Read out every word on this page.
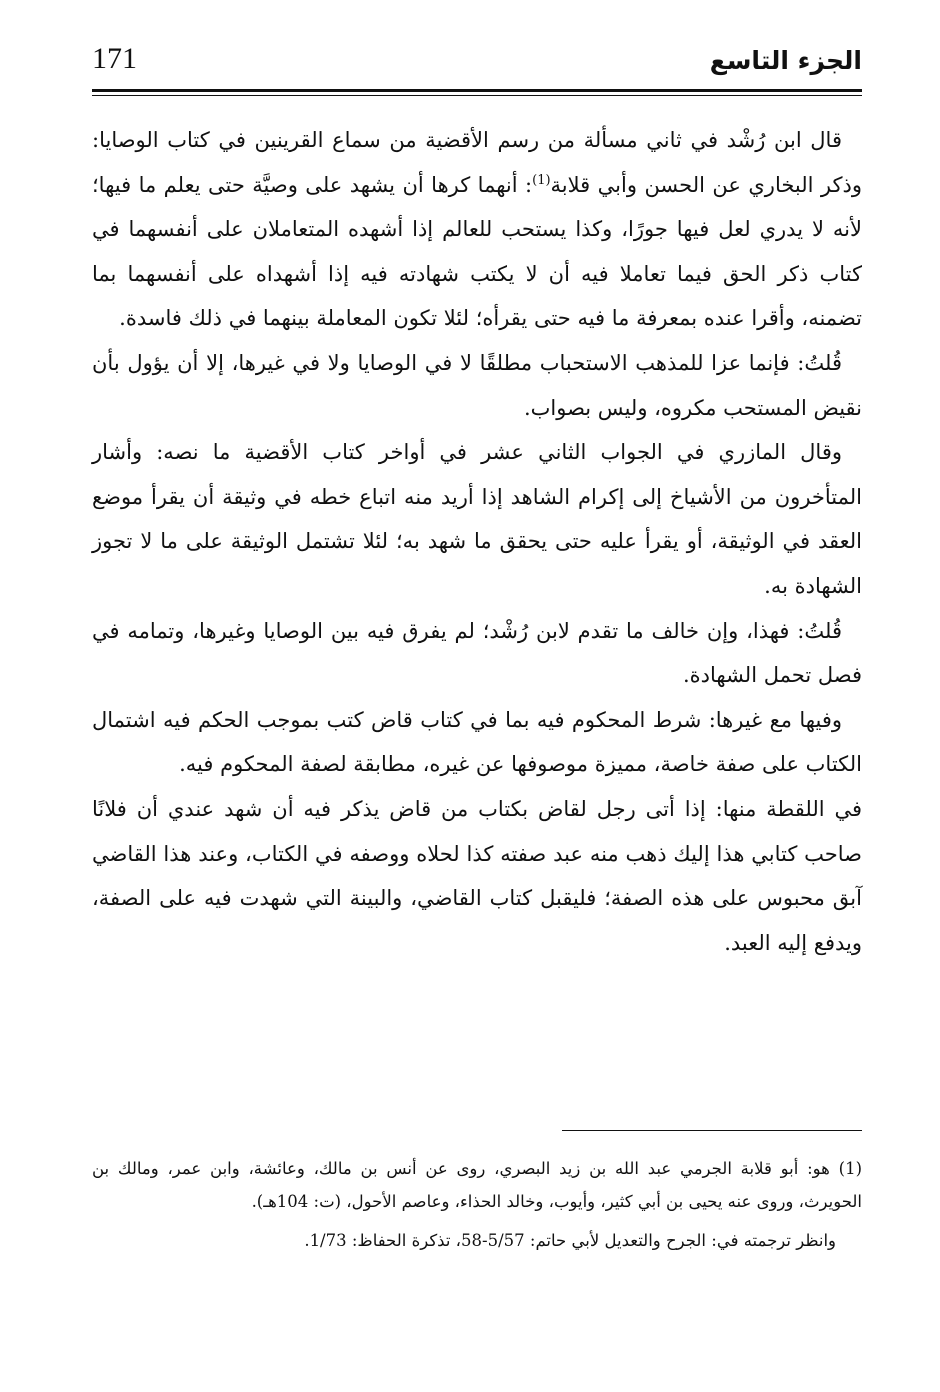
171	الجزء التاسع

قال ابن رُشْد في ثاني مسألة من رسم الأقضية من سماع القرينين في كتاب الوصايا: وذكر البخاري عن الحسن وأبي قلابة$^{(1)}$: أنهما كرها أن يشهد على وصيَّة حتى يعلم ما فيها؛ لأنه لا يدري لعل فيها جورًا، وكذا يستحب للعالم إذا أشهده المتعاملان على أنفسهما في كتاب ذكر الحق فيما تعاملا فيه أن لا يكتب شهادته فيه إذا أشهداه على أنفسهما بما تضمنه، وأقرا عنده بمعرفة ما فيه حتى يقرأه؛ لئلا تكون المعاملة بينهما في ذلك فاسدة.

قُلتُ: فإنما عزا للمذهب الاستحباب مطلقًا لا في الوصايا ولا في غيرها، إلا أن يؤول بأن نقيض المستحب مكروه، وليس بصواب.

وقال المازري في الجواب الثاني عشر في أواخر كتاب الأقضية ما نصه: وأشار المتأخرون من الأشياخ إلى إكرام الشاهد إذا أريد منه اتباع خطه في وثيقة أن يقرأ موضع العقد في الوثيقة، أو يقرأ عليه حتى يحقق ما شهد به؛ لئلا تشتمل الوثيقة على ما لا تجوز الشهادة به.

قُلتُ: فهذا، وإن خالف ما تقدم لابن رُشْد؛ لم يفرق فيه بين الوصايا وغيرها، وتمامه في فصل تحمل الشهادة.

وفيها مع غيرها: شرط المحكوم فيه بما في كتاب قاض كتب بموجب الحكم فيه اشتمال الكتاب على صفة خاصة، مميزة موصوفها عن غيره، مطابقة لصفة المحكوم فيه.

في اللقطة منها: إذا أتى رجل لقاض بكتاب من قاض يذكر فيه أن شهد عندي أن فلانًا صاحب كتابي هذا إليك ذهب منه عبد صفته كذا لحلاه ووصفه في الكتاب، وعند هذا القاضي آبق محبوس على هذه الصفة؛ فليقبل كتاب القاضي، والبينة التي شهدت فيه على الصفة، ويدفع إليه العبد.

(1) هو: أبو قلابة الجرمي عبد الله بن زيد البصري، روى عن أنس بن مالك، وعائشة، وابن عمر، ومالك بن الحويرث، وروى عنه يحيى بن أبي كثير، وأيوب، وخالد الحذاء، وعاصم الأحول، (ت: 104هـ).

وانظر ترجمته في: الجرح والتعديل لأبي حاتم: 5/57-58، تذكرة الحفاظ: 1/73.
